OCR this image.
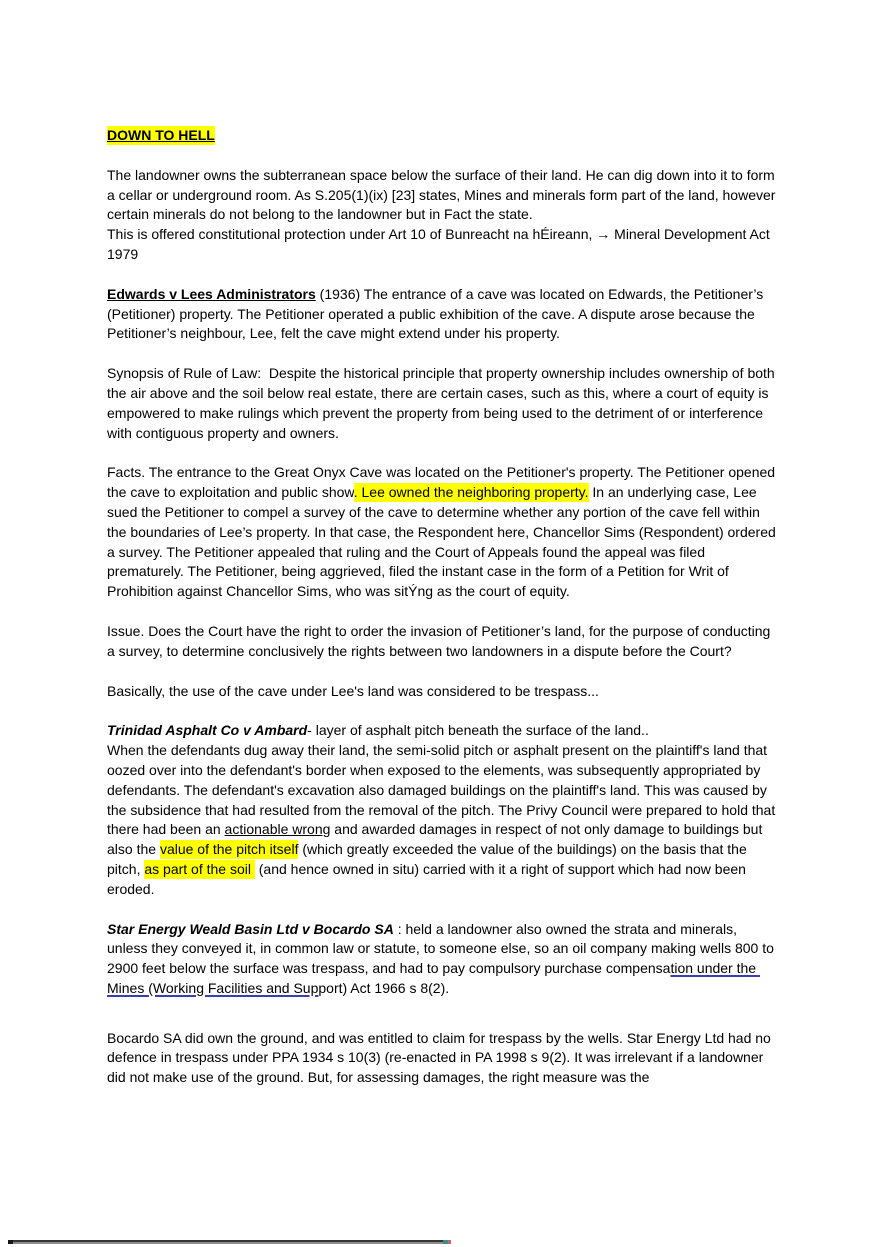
DOWN TO HELL

The landowner owns the subterranean space below the surface of their land. He can dig down into it to form a cellar or underground room. As S.205(1)(ix) [23] states, Mines and minerals form part of the land, however certain minerals do not belong to the landowner but in Fact the state.
This is offered constitutional protection under Art 10 of Bunreacht na hÉireann, → Mineral Development Act 1979

Edwards v Lees Administrators (1936) The entrance of a cave was located on Edwards, the Petitioner’s (Petitioner) property. The Petitioner operated a public exhibition of the cave. A dispute arose because the Petitioner’s neighbour, Lee, felt the cave might extend under his property.

Synopsis of Rule of Law:  Despite the historical principle that property ownership includes ownership of both the air above and the soil below real estate, there are certain cases, such as this, where a court of equity is empowered to make rulings which prevent the property from being used to the detriment of or interference with contiguous property and owners.

Facts. The entrance to the Great Onyx Cave was located on the Petitioner's property. The Petitioner opened the cave to exploitation and public show. Lee owned the neighboring property. In an underlying case, Lee sued the Petitioner to compel a survey of the cave to determine whether any portion of the cave fell within the boundaries of Lee’s property. In that case, the Respondent here, Chancellor Sims (Respondent) ordered a survey. The Petitioner appealed that ruling and the Court of Appeals found the appeal was filed prematurely. The Petitioner, being aggrieved, filed the instant case in the form of a Petition for Writ of Prohibition against Chancellor Sims, who was sitÝng as the court of equity.

Issue. Does the Court have the right to order the invasion of Petitioner’s land, for the purpose of conducting a survey, to determine conclusively the rights between two landowners in a dispute before the Court?

Basically, the use of the cave under Lee's land was considered to be trespass...

Trinidad Asphalt Co v Ambard- layer of asphalt pitch beneath the surface of the land..
When the defendants dug away their land, the semi-solid pitch or asphalt present on the plaintiff's land that oozed over into the defendant's border when exposed to the elements, was subsequently appropriated by defendants. The defendant's excavation also damaged buildings on the plaintiff's land. This was caused by the subsidence that had resulted from the removal of the pitch. The Privy Council were prepared to hold that there had been an actionable wrong and awarded damages in respect of not only damage to buildings but also the value of the pitch itself (which greatly exceeded the value of the buildings) on the basis that the pitch, as part of the soil  (and hence owned in situ) carried with it a right of support which had now been eroded.

Star Energy Weald Basin Ltd v Bocardo SA : held a landowner also owned the strata and minerals, unless they conveyed it, in common law or statute, to someone else, so an oil company making wells 800 to 2900 feet below the surface was trespass, and had to pay compulsory purchase compensation under the Mines (Working Facilities and Support) Act 1966 s 8(2).

Bocardo SA did own the ground, and was entitled to claim for trespass by the wells. Star Energy Ltd had no defence in trespass under PPA 1934 s 10(3) (re-enacted in PA 1998 s 9(2). It was irrelevant if a landowner did not make use of the ground. But, for assessing damages, the right measure was the
